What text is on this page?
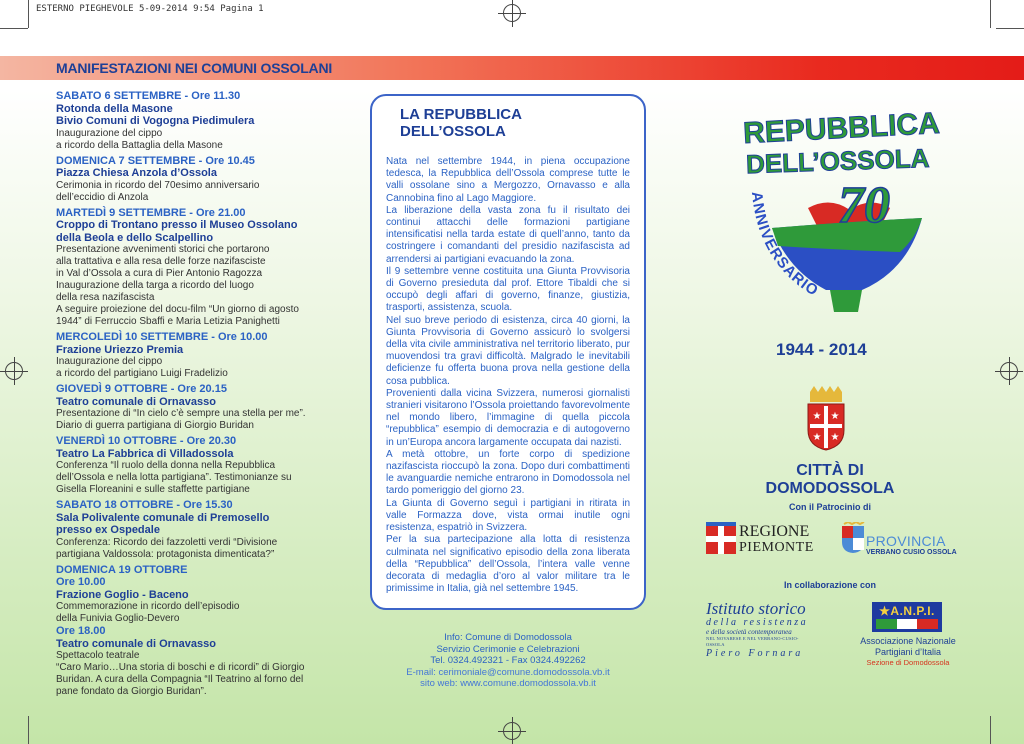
ESTERNO PIEGHEVOLE 5-09-2014 9:54 Pagina 1
MANIFESTAZIONI NEI COMUNI OSSOLANI
SABATO 6 SETTEMBRE - Ore 11.30
Rotonda della Masone
Bivio Comuni di Vogogna Piedimulera
Inaugurazione del cippo
a ricordo della Battaglia della Masone
DOMENICA 7 SETTEMBRE - Ore 10.45
Piazza Chiesa Anzola d’Ossola
Cerimonia in ricordo del 70esimo anniversario
dell’eccidio di Anzola
MARTEDÌ 9 SETTEMBRE - Ore 21.00
Croppo di Trontano presso il Museo Ossolano
della Beola e dello Scalpellino
Presentazione avvenimenti storici che portarono
alla trattativa e alla resa delle forze nazifasciste
in Val d’Ossola a cura di Pier Antonio Ragozza
Inaugurazione della targa a ricordo del luogo
della resa nazifascista
A seguire proiezione del docu-film “Un giorno di agosto
1944” di Ferruccio Sbaffi e Maria Letizia Panighetti
MERCOLEDÌ 10 SETTEMBRE - Ore 10.00
Frazione Uriezzo Premia
Inaugurazione del cippo
a ricordo del partigiano Luigi Fradelizio
GIOVEDÌ 9 OTTOBRE - Ore 20.15
Teatro comunale di Ornavasso
Presentazione di “In cielo c’è sempre una stella per me”.
Diario di guerra partigiana di Giorgio Buridan
VENERDÌ 10 OTTOBRE - Ore 20.30
Teatro La Fabbrica di Villadossola
Conferenza “Il ruolo della donna nella Repubblica
dell’Ossola e nella lotta partigiana”. Testimonianze su
Gisella Floreanini e sulle staffette partigiane
SABATO 18 OTTOBRE - Ore 15.30
Sala Polivalente comunale di Premosello
presso ex Ospedale
Conferenza: Ricordo dei fazzoletti verdi “Divisione
partigiana Valdossola: protagonista dimenticata?”
DOMENICA 19 OTTOBRE
Ore 10.00
Frazione Goglio - Baceno
Commemorazione in ricordo dell’episodio
della Funivia Goglio-Devero
Ore 18.00
Teatro comunale di Ornavasso
Spettacolo teatrale
“Caro Mario…Una storia di boschi e di ricordi” di Giorgio
Buridan. A cura della Compagnia “Il Teatrino al forno del
pane fondato da Giorgio Buridan”.
LA REPUBBLICA DELL’OSSOLA

Nata nel settembre 1944, in piena occupazione tedesca, la Repubblica dell’Ossola comprese tutte le valli ossolane sino a Mergozzo, Ornavasso e alla Cannobina fino al Lago Maggiore.

La liberazione della vasta zona fu il risultato dei continui attacchi delle formazioni partigiane intensificatisi nella tarda estate di quell’anno, tanto da costringere i comandanti del presidio nazifascista ad arrendersi ai partigiani evacuando la zona.

Il 9 settembre venne costituita una Giunta Provvisoria di Governo presieduta dal prof. Ettore Tibaldi che si occupò degli affari di governo, finanze, giustizia, trasporti, assistenza, scuola.

Nel suo breve periodo di esistenza, circa 40 giorni, la Giunta Provvisoria di Governo assicurò lo svolgersi della vita civile amministrativa nel territorio liberato, pur muovendosi tra gravi difficoltà. Malgrado le inevitabili deficienze fu offerta buona prova nella gestione della cosa pubblica.

Provenienti dalla vicina Svizzera, numerosi giornalisti stranieri visitarono l’Ossola proiettando favorevolmente nel mondo libero, l’immagine di quella piccola “repubblica” esempio di democrazia e di autogoverno in un’Europa ancora largamente occupata dai nazisti.

A metà ottobre, un forte corpo di spedizione nazifascista rioccupò la zona. Dopo duri combattimenti le avanguardie nemiche entrarono in Domodossola nel tardo pomeriggio del giorno 23.

La Giunta di Governo seguì i partigiani in ritirata in valle Formazza dove, vista ormai inutile ogni resistenza, espatriò in Svizzera.

Per la sua partecipazione alla lotta di resistenza culminata nel significativo episodio della zona liberata della “Repubblica” dell’Ossola, l’intera valle venne decorata di medaglia d’oro al valor militare tra le primissime in Italia, già nel settembre 1945.

Info: Comune di Domodossola
Servizio Cerimonie e Celebrazioni
Tel. 0324.492321 - Fax 0324.492262
E-mail: cerimoniale@comune.domodossola.vb.it
sito web: www.comune.domodossola.vb.it
REPUBBLICA
DELL’OSSOLA
70
ANNIVERSARIO
1944 - 2014
★ ★
★ ★
CITTÀ DI DOMODOSSOLA
Con il Patrocinio di
REGIONE
PIEMONTE	PROVINCIA
VERBANO CUSIO OSSOLA
In collaborazione con
Istituto storico
della resistenza
e della società contemporanea
NEL NOVARESE E NEL VERBANO-CUSIO-OSSOLA
Piero Fornara
★A.N.P.I.
Associazione Nazionale
Partigiani d’Italia
Sezione di Domodossola
